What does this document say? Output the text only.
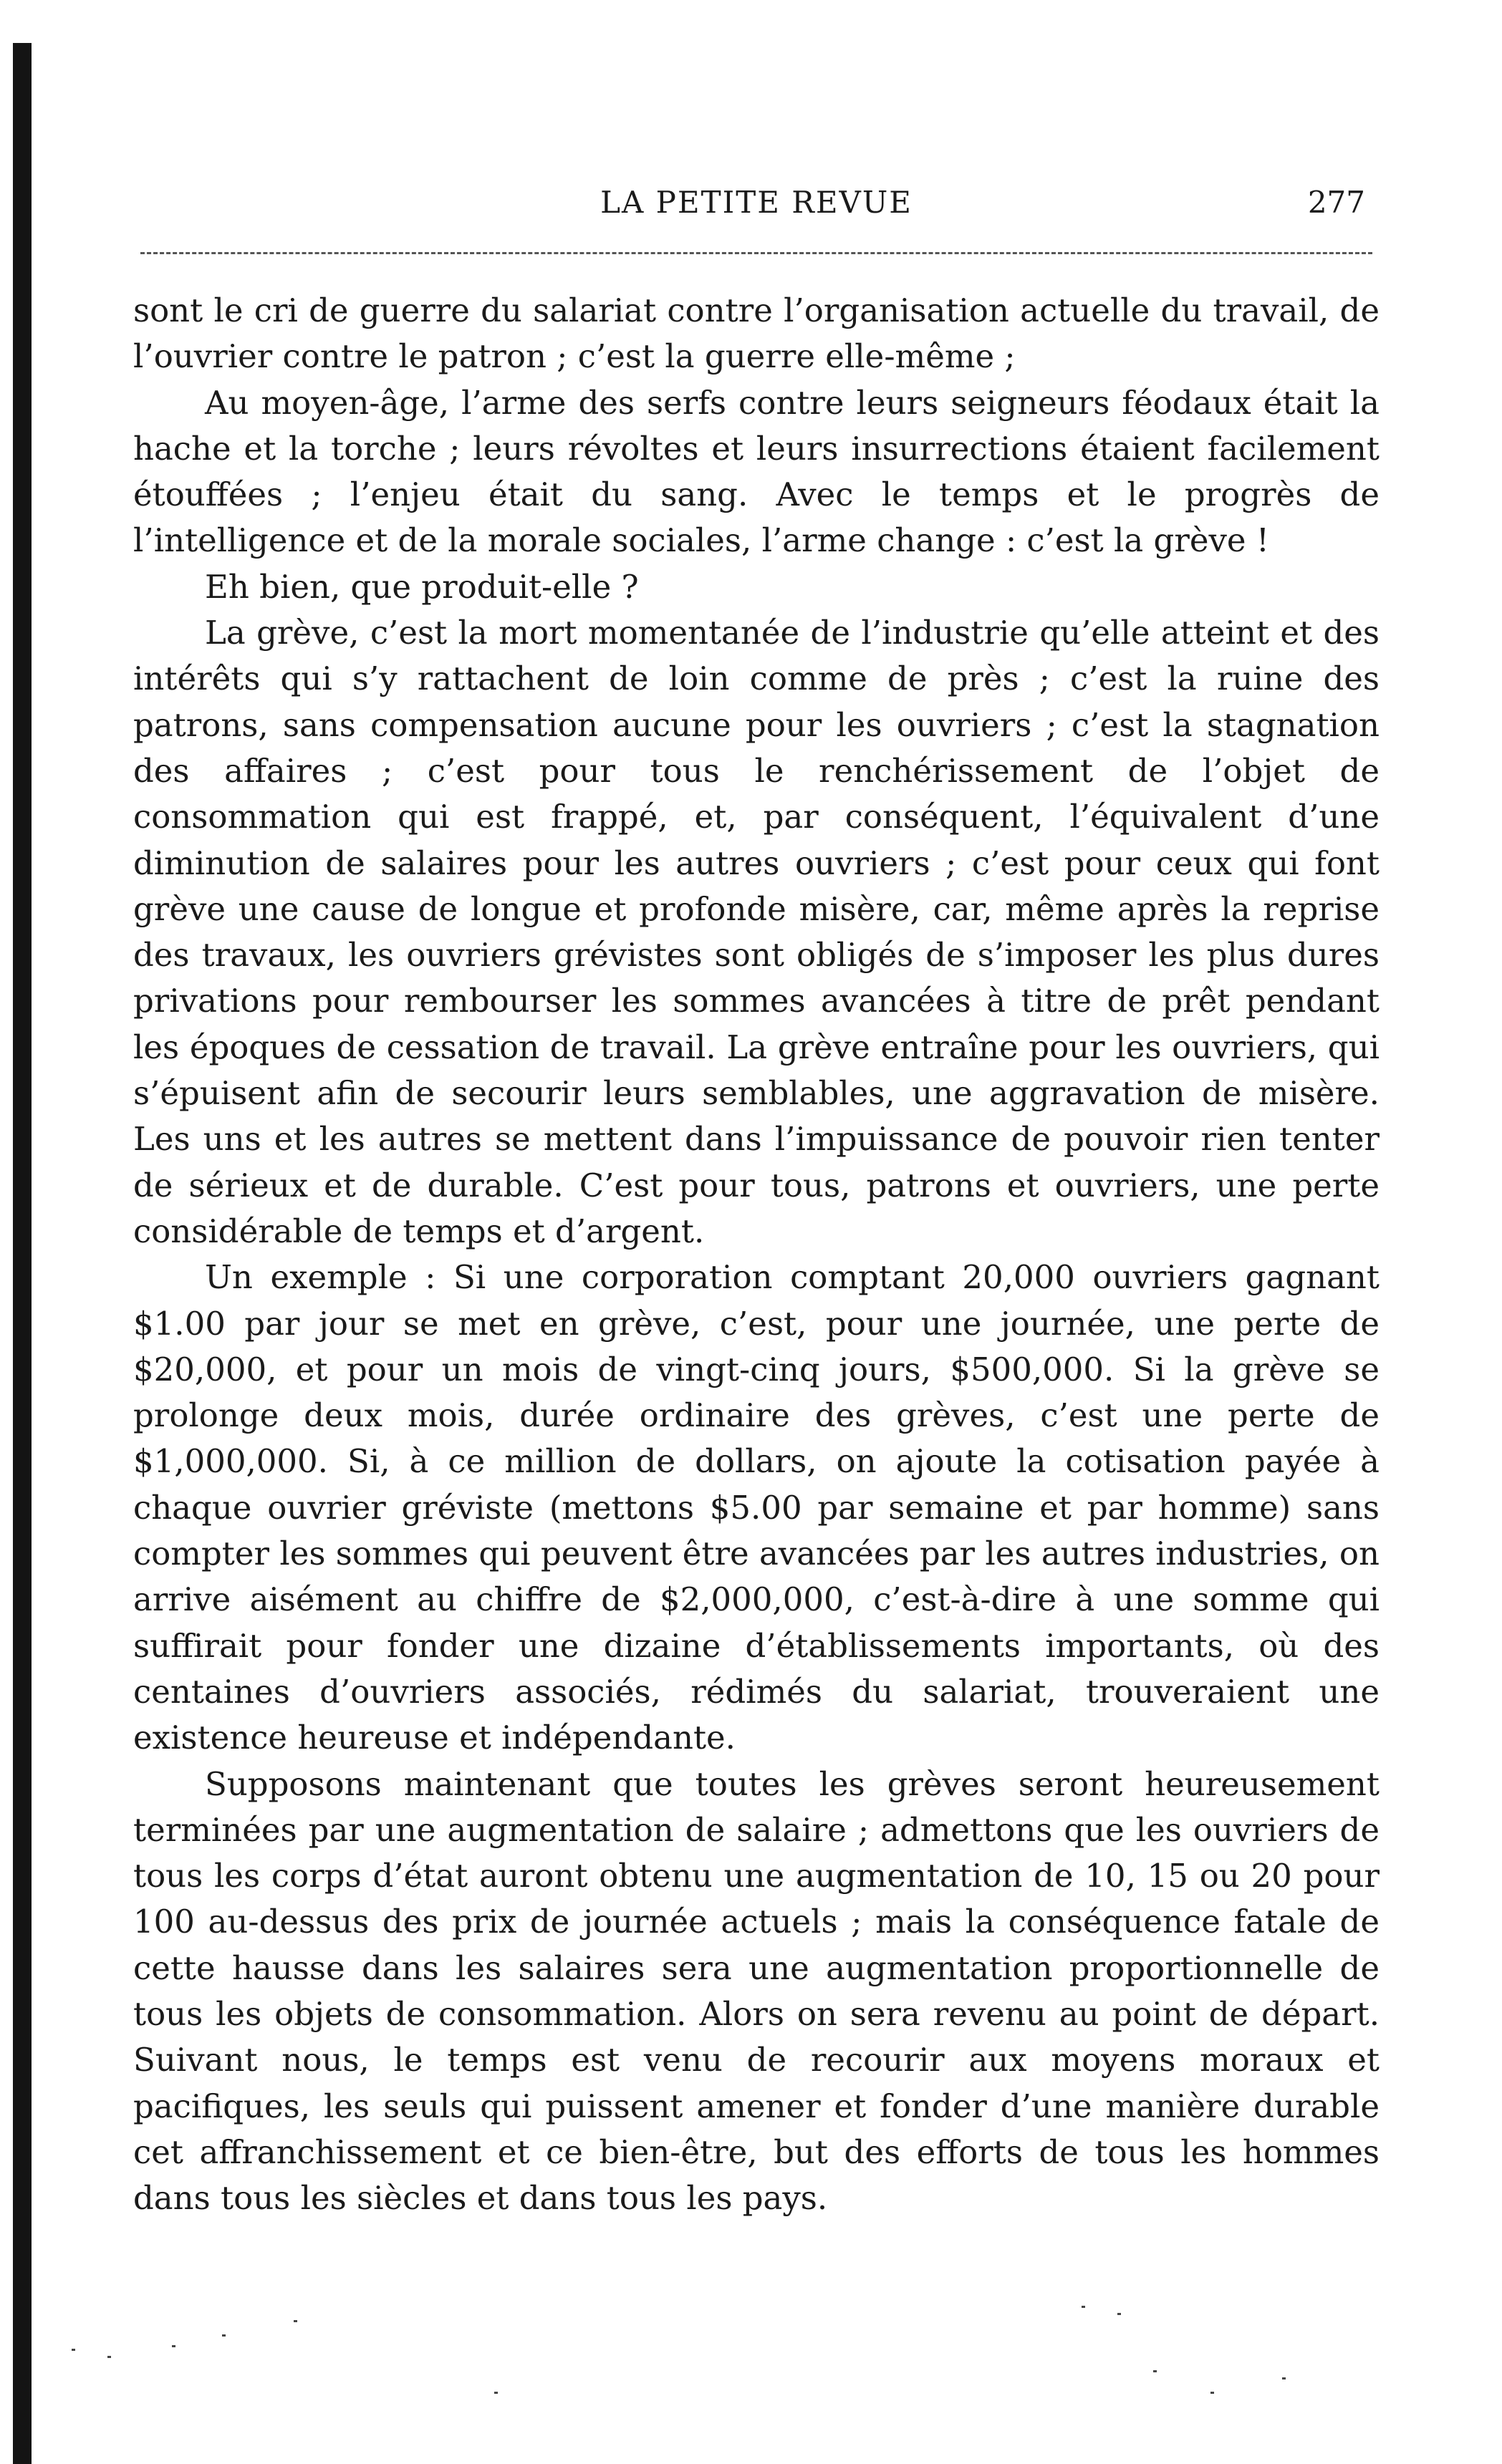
LA PETITE REVUE	277

sont le cri de guerre du salariat contre l’organisation actuelle du travail, de l’ouvrier contre le patron ; c’est la guerre elle-même ;

Au moyen-âge, l’arme des serfs contre leurs seigneurs féodaux était la hache et la torche ; leurs révoltes et leurs insurrections étaient facilement étouffées ; l’enjeu était du sang. Avec le temps et le progrès de l’intelligence et de la morale sociales, l’arme change : c’est la grève !

Eh bien, que produit-elle ?

La grève, c’est la mort momentanée de l’industrie qu’elle atteint et des intérêts qui s’y rattachent de loin comme de près ; c’est la ruine des patrons, sans compensation aucune pour les ouvriers ; c’est la stagnation des affaires ; c’est pour tous le renchérissement de l’objet de consommation qui est frappé, et, par conséquent, l’équivalent d’une diminution de salaires pour les autres ouvriers ; c’est pour ceux qui font grève une cause de longue et profonde misère, car, même après la reprise des travaux, les ouvriers grévistes sont obligés de s’imposer les plus dures privations pour rembourser les sommes avancées à titre de prêt pendant les époques de cessation de travail. La grève entraîne pour les ouvriers, qui s’épuisent afin de secourir leurs semblables, une aggravation de misère. Les uns et les autres se mettent dans l’impuissance de pouvoir rien tenter de sérieux et de durable. C’est pour tous, patrons et ouvriers, une perte considérable de temps et d’argent.

Un exemple : Si une corporation comptant 20,000 ouvriers gagnant $1.00 par jour se met en grève, c’est, pour une journée, une perte de $20,000, et pour un mois de vingt-cinq jours, $500,000. Si la grève se prolonge deux mois, durée ordinaire des grèves, c’est une perte de $1,000,000. Si, à ce million de dollars, on ajoute la cotisation payée à chaque ouvrier gréviste (mettons $5.00 par semaine et par homme) sans compter les sommes qui peuvent être avancées par les autres industries, on arrive aisément au chiffre de $2,000,000, c’est-à-dire à une somme qui suffirait pour fonder une dizaine d’établissements importants, où des centaines d’ouvriers associés, rédimés du salariat, trouveraient une existence heureuse et indépendante.

Supposons maintenant que toutes les grèves seront heureusement terminées par une augmentation de salaire ; admettons que les ouvriers de tous les corps d’état auront obtenu une augmentation de 10, 15 ou 20 pour 100 au-dessus des prix de journée actuels ; mais la conséquence fatale de cette hausse dans les salaires sera une augmentation proportionnelle de tous les objets de consommation. Alors on sera revenu au point de départ. Suivant nous, le temps est venu de recourir aux moyens moraux et pacifiques, les seuls qui puissent amener et fonder d’une manière durable cet affranchissement et ce bien-être, but des efforts de tous les hommes dans tous les siècles et dans tous les pays.
